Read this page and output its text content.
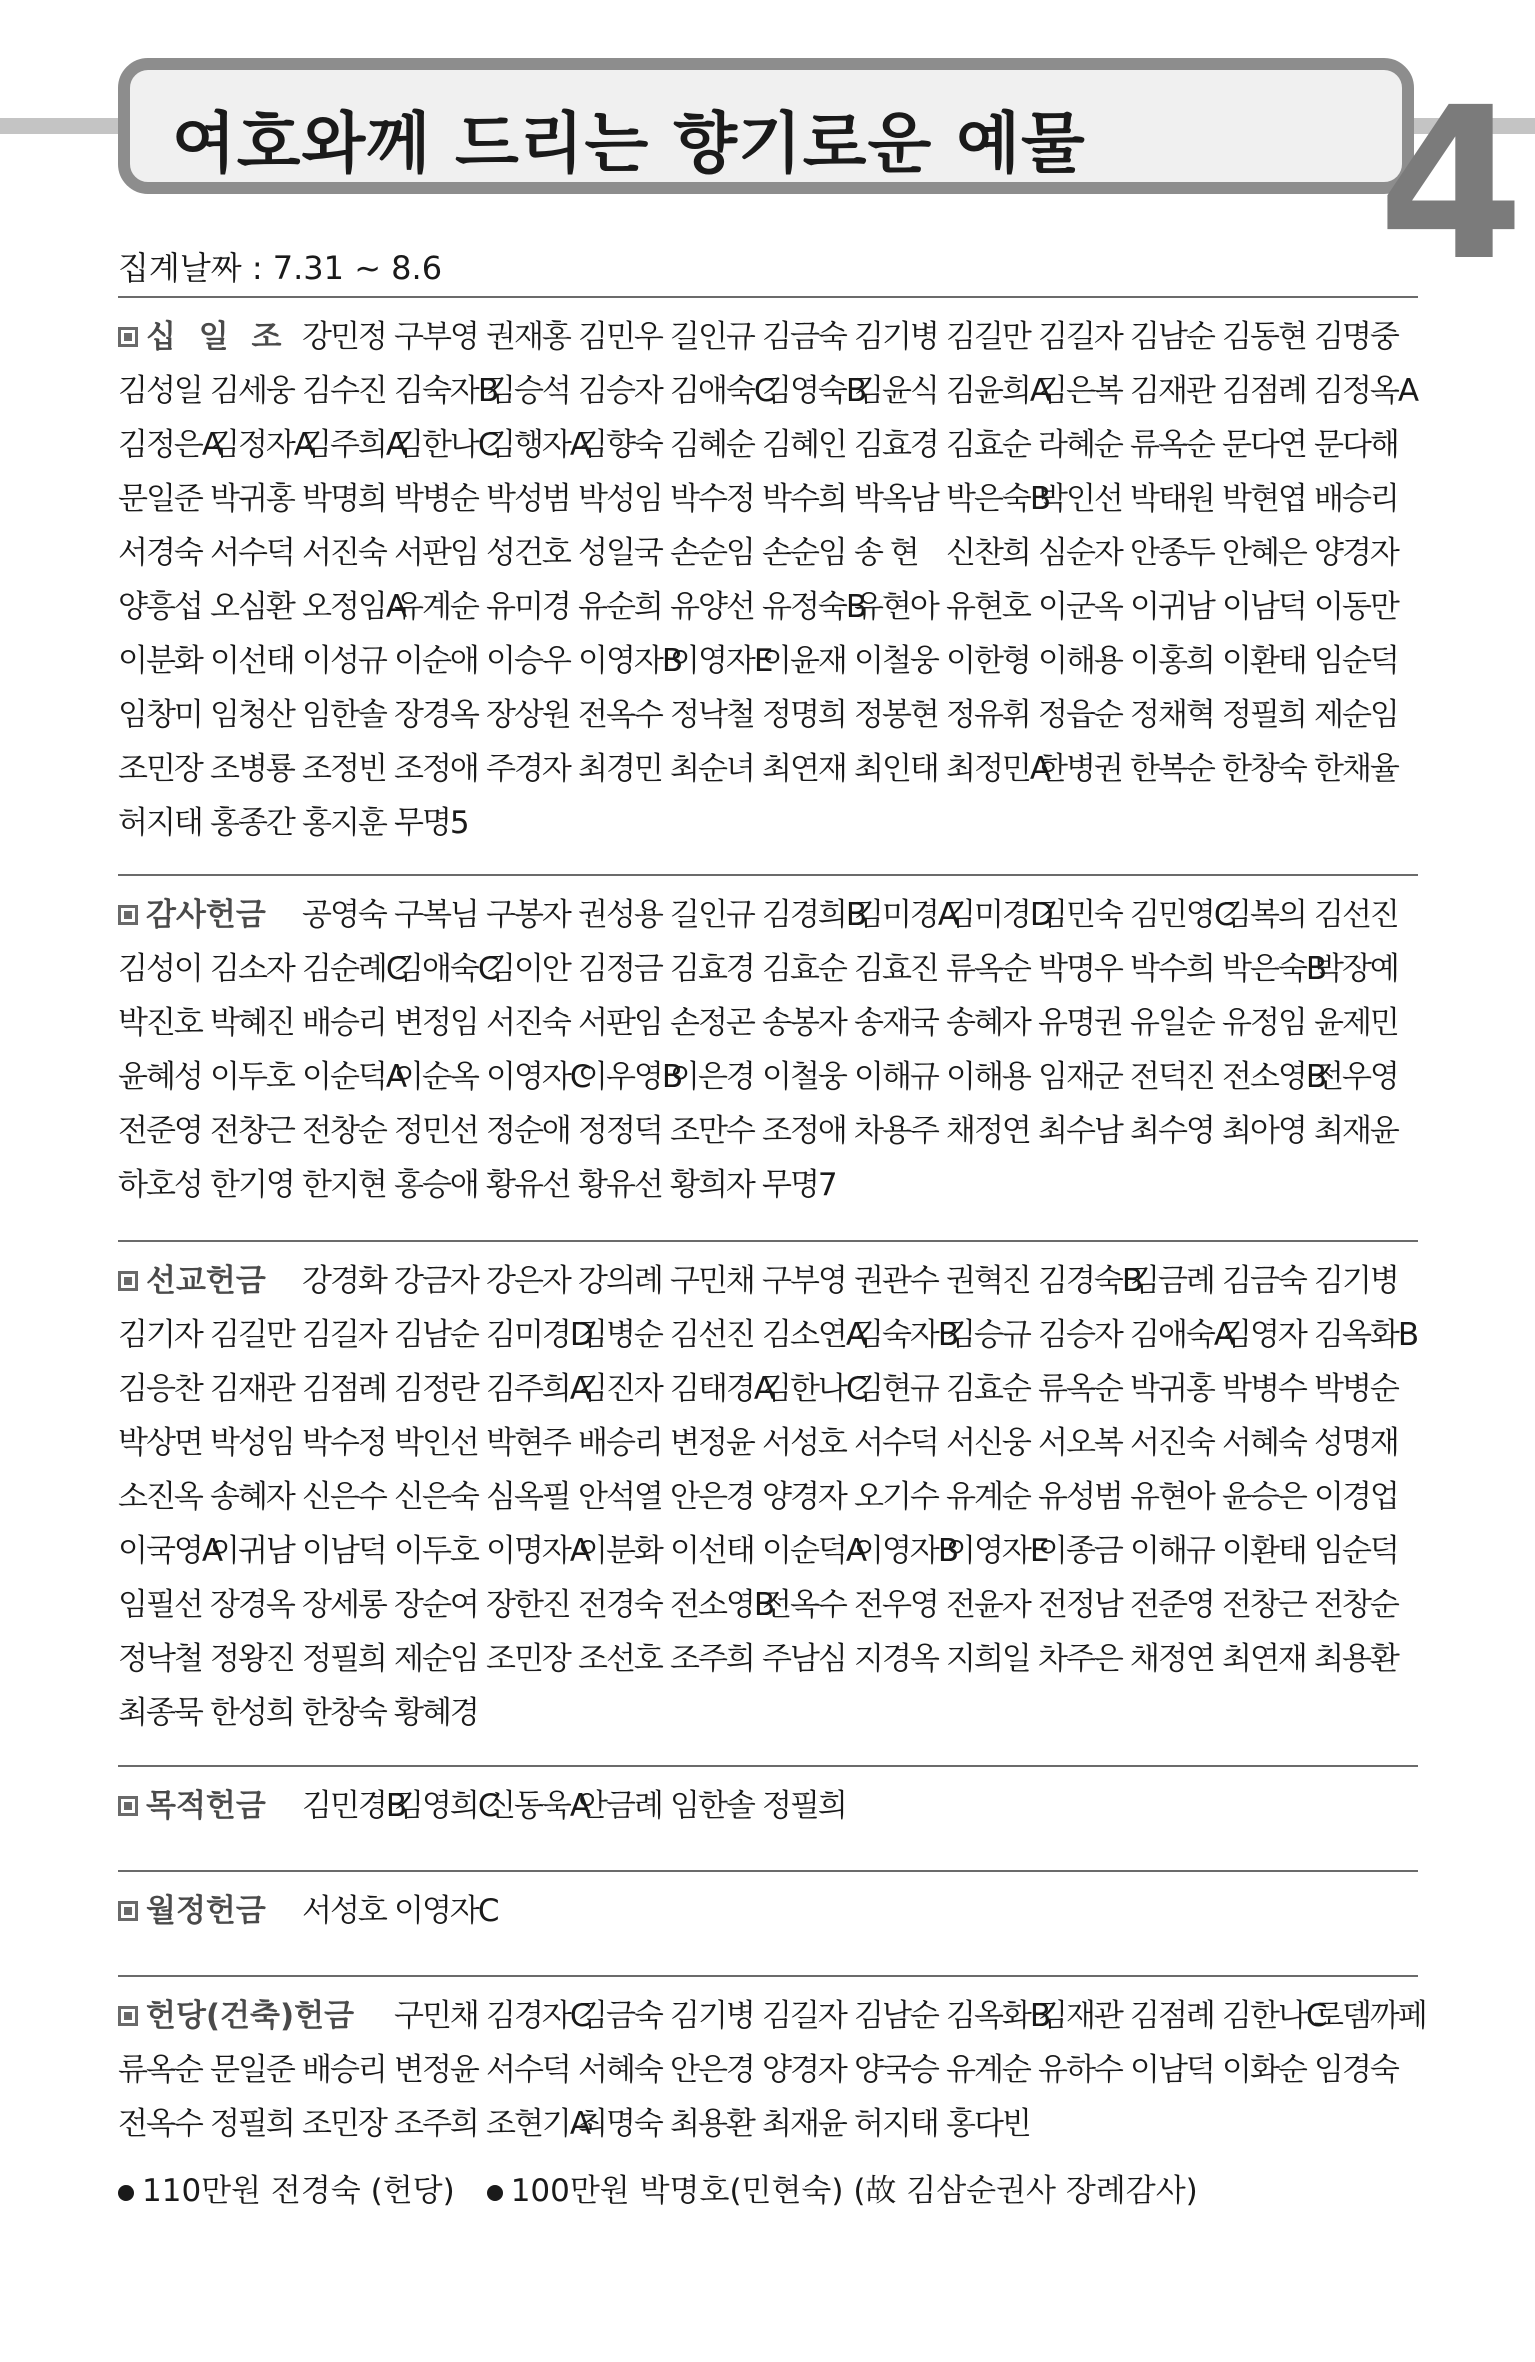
여호와께 드리는 향기로운 예물 4
집계날짜 : 7.31 ~ 8.6
십 일 조 강민정 구부영 권재홍 김민우 길인규 김금숙 김기병 김길만 김길자 김남순 김동현 김명중
김성일 김세웅 김수진 김숙자B
김승석 김승자 김애숙C
김영숙B
김윤식 김윤희A
김은복 김재관 김점례 김정옥A
김정은A
김정자A
김주희A
김한나C
김행자A
김향숙 김혜순 김혜인 김효경 김효순 라혜순 류옥순 문다연 문다해
문일준 박귀홍 박명희 박병순 박성범 박성임 박수정 박수희 박옥남 박은숙B
박인선 박태원 박현엽 배승리
서경숙 서수덕 서진숙 서판임 성건호 성일국 손순임 손순임 송 현 신찬희 심순자 안종두 안혜은 양경자
양흥섭 오심환 오정임A
유계순 유미경 유순희 유양선 유정숙B
유현아 유현호 이군옥 이귀남 이남덕 이동만
이분화 이선태 이성규 이순애 이승우 이영자B
이영자E
이윤재 이철웅 이한형 이해용 이홍희 이환태 임순덕
임창미 임청산 임한솔 장경옥 장상원 전옥수 정낙철 정명희 정봉현 정유휘 정읍순 정채혁 정필희 제순임
조민장 조병룡 조정빈 조정애 주경자 최경민 최순녀 최연재 최인태 최정민A
한병권 한복순 한창숙 한채율
허지태 홍종간 홍지훈 무명5
감사헌금 공영숙 구복님 구봉자 권성용 길인규 김경희B
김미경A
김미경D
김민숙 김민영C
김복의 김선진
김성이 김소자 김순례C
김애숙C
김이안 김정금 김효경 김효순 김효진 류옥순 박명우 박수희 박은숙B
박장예
박진호 박혜진 배승리 변정임 서진숙 서판임 손정곤 송봉자 송재국 송혜자 유명권 유일순 유정임 윤제민
윤혜성 이두호 이순덕A
이순옥 이영자C
이우영B
이은경 이철웅 이해규 이해용 임재군 전덕진 전소영B
전우영
전준영 전창근 전창순 정민선 정순애 정정덕 조만수 조정애 차용주 채정연 최수남 최수영 최아영 최재윤
하호성 한기영 한지현 홍승애 황유선 황유선 황희자 무명7
선교헌금 강경화 강금자 강은자 강의례 구민채 구부영 권관수 권혁진 김경숙B
김금례 김금숙 김기병
김기자 김길만 김길자 김남순 김미경D
김병순 김선진 김소연A
김숙자B
김승규 김승자 김애숙A
김영자 김옥화B
김응찬 김재관 김점례 김정란 김주희A
김진자 김태경A
김한나C
김현규 김효순 류옥순 박귀홍 박병수 박병순
박상면 박성임 박수정 박인선 박현주 배승리 변정윤 서성호 서수덕 서신웅 서오복 서진숙 서혜숙 성명재
소진옥 송혜자 신은수 신은숙 심옥필 안석열 안은경 양경자 오기수 유계순 유성범 유현아 윤승은 이경업
이국영A
이귀남 이남덕 이두호 이명자A
이분화 이선태 이순덕A
이영자B
이영자E
이종금 이해규 이환태 임순덕
임필선 장경옥 장세롱 장순여 장한진 전경숙 전소영B
전옥수 전우영 전윤자 전정남 전준영 전창근 전창순
정낙철 정왕진 정필희 제순임 조민장 조선호 조주희 주남심 지경옥 지희일 차주은 채정연 최연재 최용환
최종묵 한성희 한창숙 황혜경
목적헌금 김민경B
김영희C
신동욱A
안금례 임한솔 정필희
월정헌금 서성호 이영자C
헌당(건축)헌금 구민채 김경자C
김금숙 김기병 김길자 김남순 김옥화B
김재관 김점례 김한나C
로뎀까페
류옥순 문일준 배승리 변정윤 서수덕 서혜숙 안은경 양경자 양국승 유계순 유하수 이남덕 이화순 임경숙
전옥수 정필희 조민장 조주희 조현기A
최명숙 최용환 최재윤 허지태 홍다빈
110만원 전경숙 (헌당)	100만원 박명호(민현숙) (故 김삼순권사 장례감사)
